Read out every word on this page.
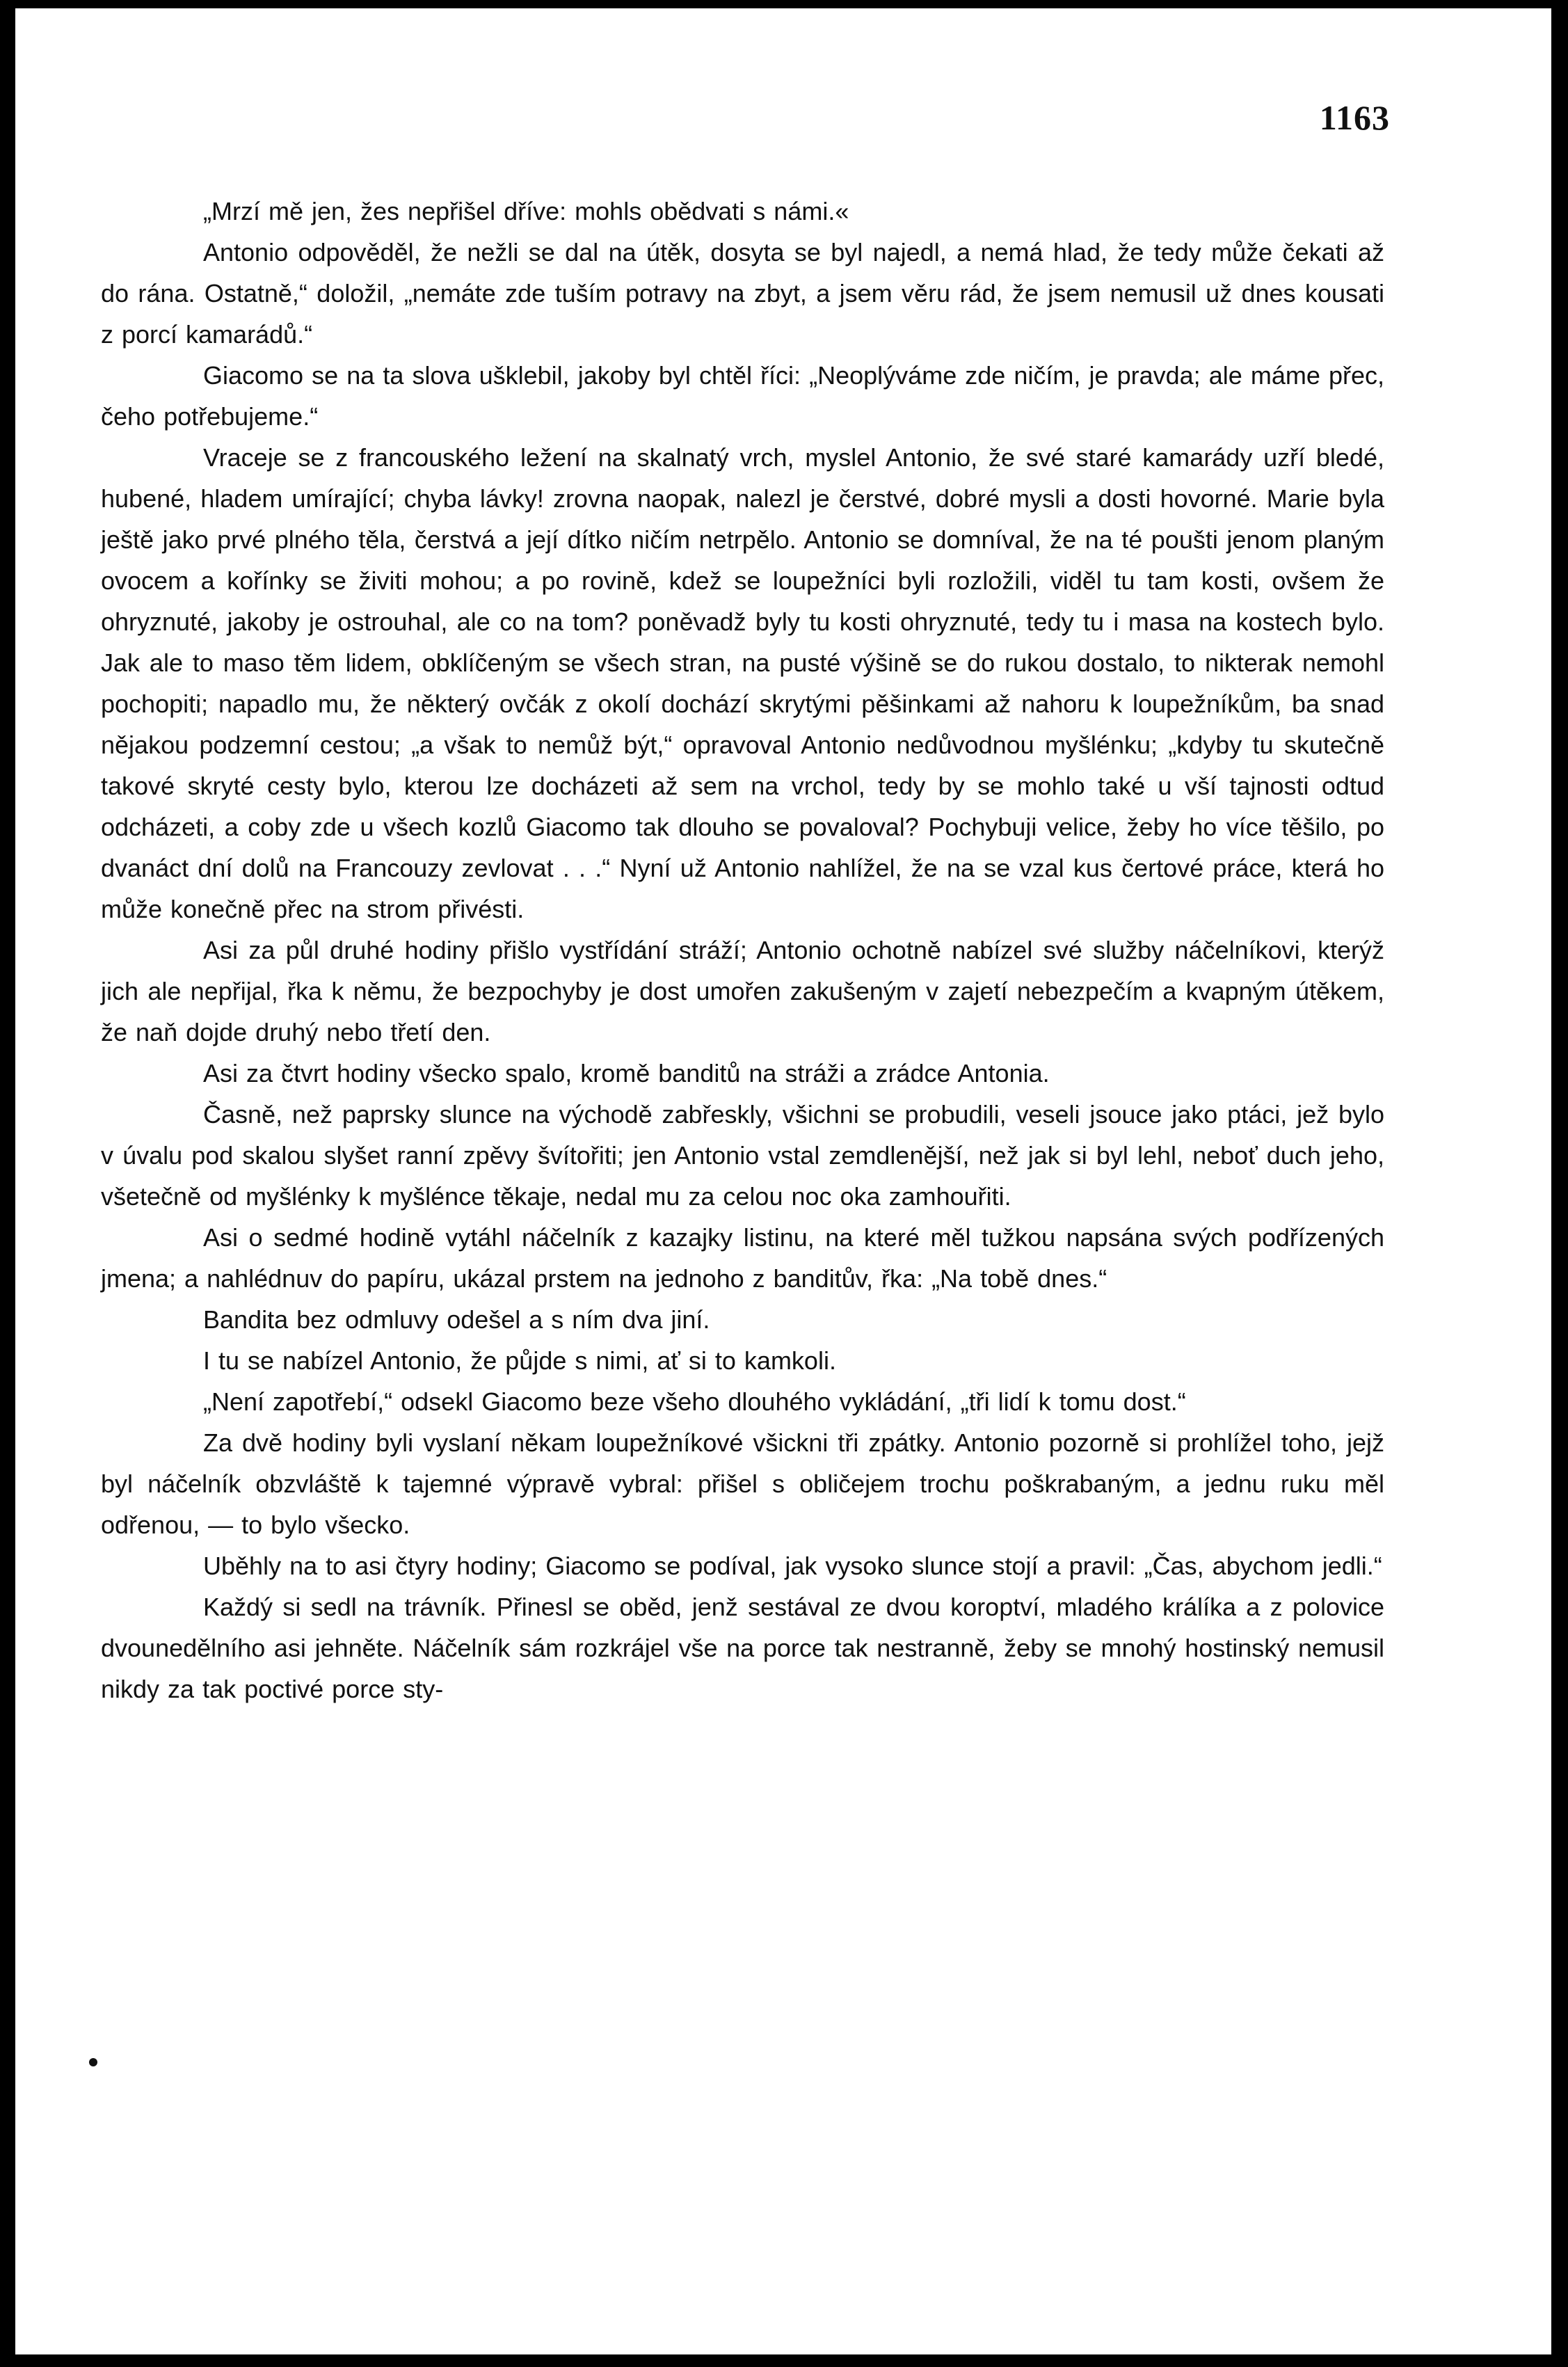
1163

„Mrzí mě jen, žes nepřišel dříve: mohls obědvati s námi.«

Antonio odpověděl, že nežli se dal na útěk, dosyta se byl najedl, a nemá hlad, že tedy může čekati až do rána. Ostatně,“ doložil, „nemáte zde tuším potravy na zbyt, a jsem věru rád, že jsem nemusil už dnes kousati z porcí kamarádů.“

Giacomo se na ta slova ušklebil, jakoby byl chtěl říci: „Neoplýváme zde ničím, je pravda; ale máme přec, čeho potřebujeme.“

Vraceje se z francouského ležení na skalnatý vrch, myslel Antonio, že své staré kamarády uzří bledé, hubené, hladem umírající; chyba lávky! zrovna naopak, nalezl je čerstvé, dobré mysli a dosti hovorné. Marie byla ještě jako prvé plného těla, čerstvá a její dítko ničím netrpělo. Antonio se domníval, že na té poušti jenom planým ovocem a kořínky se živiti mohou; a po rovině, kdež se loupežníci byli rozložili, viděl tu tam kosti, ovšem že ohryznuté, jakoby je ostrouhal, ale co na tom? poněvadž byly tu kosti ohryznuté, tedy tu i masa na kostech bylo. Jak ale to maso těm lidem, obklíčeným se všech stran, na pusté výšině se do rukou dostalo, to nikterak nemohl pochopiti; napadlo mu, že některý ovčák z okolí dochází skrytými pěšinkami až nahoru k loupežníkům, ba snad nějakou podzemní cestou; „a však to nemůž být,“ opravoval Antonio nedůvodnou myšlénku; „kdyby tu skutečně takové skryté cesty bylo, kterou lze docházeti až sem na vrchol, tedy by se mohlo také u vší tajnosti odtud odcházeti, a coby zde u všech kozlů Giacomo tak dlouho se povaloval? Pochybuji velice, žeby ho více těšilo, po dvanáct dní dolů na Francouzy zevlovat . . .“ Nyní už Antonio nahlížel, že na se vzal kus čertové práce, která ho může konečně přec na strom přivésti.

Asi za půl druhé hodiny přišlo vystřídání stráží; Antonio ochotně nabízel své služby náčelníkovi, kterýž jich ale nepřijal, řka k němu, že bezpochyby je dost umořen zakušeným v zajetí nebezpečím a kvapným útěkem, že naň dojde druhý nebo třetí den.

Asi za čtvrt hodiny všecko spalo, kromě banditů na stráži a zrádce Antonia.

Časně, než paprsky slunce na východě zabřeskly, všichni se probudili, veseli jsouce jako ptáci, jež bylo v úvalu pod skalou slyšet ranní zpěvy švítořiti; jen Antonio vstal zemdlenější, než jak si byl lehl, neboť duch jeho, všetečně od myšlénky k myšlénce těkaje, nedal mu za celou noc oka zamhouřiti.

Asi o sedmé hodině vytáhl náčelník z kazajky listinu, na které měl tužkou napsána svých podřízených jmena; a nahlédnuv do papíru, ukázal prstem na jednoho z banditův, řka: „Na tobě dnes.“

Bandita bez odmluvy odešel a s ním dva jiní.

I tu se nabízel Antonio, že půjde s nimi, ať si to kamkoli.

„Není zapotřebí,“ odsekl Giacomo beze všeho dlouhého vykládání, „tři lidí k tomu dost.“

Za dvě hodiny byli vyslaní někam loupežníkové všickni tři zpátky. Antonio pozorně si prohlížel toho, jejž byl náčelník obzvláště k tajemné výpravě vybral: přišel s obličejem trochu poškrabaným, a jednu ruku měl odřenou, — to bylo všecko.

Uběhly na to asi čtyry hodiny; Giacomo se podíval, jak vysoko slunce stojí a pravil: „Čas, abychom jedli.“

Každý si sedl na trávník. Přinesl se oběd, jenž sestával ze dvou koroptví, mladého králíka a z polovice dvounedělního asi jehněte. Náčelník sám rozkrájel vše na porce tak nestranně, žeby se mnohý hostinský nemusil nikdy za tak poctivé porce sty-
